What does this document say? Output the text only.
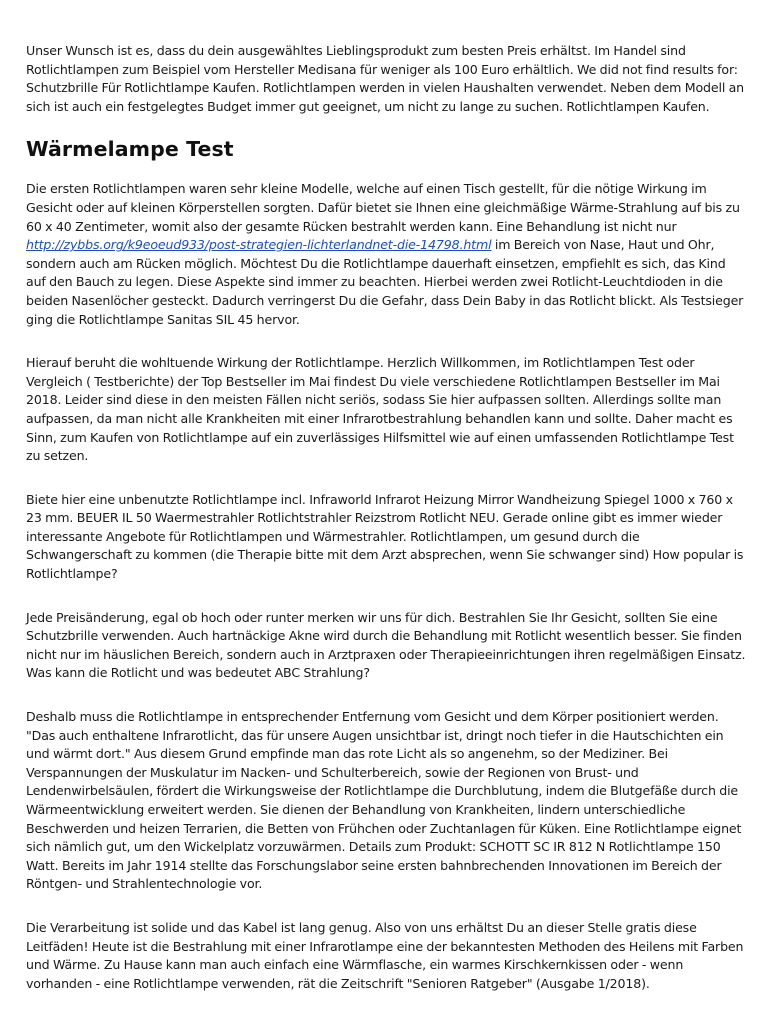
Unser Wunsch ist es, dass du dein ausgewähltes Lieblingsprodukt zum besten Preis erhältst. Im Handel sind Rotlichtlampen zum Beispiel vom Hersteller Medisana für weniger als 100 Euro erhältlich. We did not find results for: Schutzbrille Für Rotlichtlampe Kaufen. Rotlichtlampen werden in vielen Haushalten verwendet. Neben dem Modell an sich ist auch ein festgelegtes Budget immer gut geeignet, um nicht zu lange zu suchen. Rotlichtlampen Kaufen.

Wärmelampe Test

Die ersten Rotlichtlampen waren sehr kleine Modelle, welche auf einen Tisch gestellt, für die nötige Wirkung im Gesicht oder auf kleinen Körperstellen sorgten. Dafür bietet sie Ihnen eine gleichmäßige Wärme-Strahlung auf bis zu 60 x 40 Zentimeter, womit also der gesamte Rücken bestrahlt werden kann. Eine Behandlung ist nicht nur http://zybbs.org/k9eoeud933/post-strategien-lichterlandnet-die-14798.html im Bereich von Nase, Haut und Ohr, sondern auch am Rücken möglich. Möchtest Du die Rotlichtlampe dauerhaft einsetzen, empfiehlt es sich, das Kind auf den Bauch zu legen. Diese Aspekte sind immer zu beachten. Hierbei werden zwei Rotlicht-Leuchtdioden in die beiden Nasenlöcher gesteckt. Dadurch verringerst Du die Gefahr, dass Dein Baby in das Rotlicht blickt. Als Testsieger ging die Rotlichtlampe Sanitas SIL 45 hervor.

Hierauf beruht die wohltuende Wirkung der Rotlichtlampe. Herzlich Willkommen, im Rotlichtlampen Test oder Vergleich ( Testberichte) der Top Bestseller im Mai findest Du viele verschiedene Rotlichtlampen Bestseller im Mai 2018. Leider sind diese in den meisten Fällen nicht seriös, sodass Sie hier aufpassen sollten. Allerdings sollte man aufpassen, da man nicht alle Krankheiten mit einer Infrarotbestrahlung behandlen kann und sollte. Daher macht es Sinn, zum Kaufen von Rotlichtlampe auf ein zuverlässiges Hilfsmittel wie auf einen umfassenden Rotlichtlampe Test zu setzen.

Biete hier eine unbenutzte Rotlichtlampe incl. Infraworld Infrarot Heizung Mirror Wandheizung Spiegel 1000 x 760 x 23 mm. BEUER IL 50 Waermestrahler Rotlichtstrahler Reizstrom Rotlicht NEU. Gerade online gibt es immer wieder interessante Angebote für Rotlichtlampen und Wärmestrahler. Rotlichtlampen, um gesund durch die Schwangerschaft zu kommen (die Therapie bitte mit dem Arzt absprechen, wenn Sie schwanger sind) How popular is Rotlichtlampe?

Jede Preisänderung, egal ob hoch oder runter merken wir uns für dich. Bestrahlen Sie Ihr Gesicht, sollten Sie eine Schutzbrille verwenden. Auch hartnäckige Akne wird durch die Behandlung mit Rotlicht wesentlich besser. Sie finden nicht nur im häuslichen Bereich, sondern auch in Arztpraxen oder Therapieeinrichtungen ihren regelmäßigen Einsatz. Was kann die Rotlicht und was bedeutet ABC Strahlung?

Deshalb muss die Rotlichtlampe in entsprechender Entfernung vom Gesicht und dem Körper positioniert werden. "Das auch enthaltene Infrarotlicht, das für unsere Augen unsichtbar ist, dringt noch tiefer in die Hautschichten ein und wärmt dort." Aus diesem Grund empfinde man das rote Licht als so angenehm, so der Mediziner. Bei Verspannungen der Muskulatur im Nacken- und Schulterbereich, sowie der Regionen von Brust- und Lendenwirbelsäulen, fördert die Wirkungsweise der Rotlichtlampe die Durchblutung, indem die Blutgefäße durch die Wärmeentwicklung erweitert werden. Sie dienen der Behandlung von Krankheiten, lindern unterschiedliche Beschwerden und heizen Terrarien, die Betten von Frühchen oder Zuchtanlagen für Küken. Eine Rotlichtlampe eignet sich nämlich gut, um den Wickelplatz vorzuwärmen. Details zum Produkt: SCHOTT SC IR 812 N Rotlichtlampe 150 Watt. Bereits im Jahr 1914 stellte das Forschungslabor seine ersten bahnbrechenden Innovationen im Bereich der Röntgen- und Strahlentechnologie vor.

Die Verarbeitung ist solide und das Kabel ist lang genug. Also von uns erhältst Du an dieser Stelle gratis diese Leitfäden! Heute ist die Bestrahlung mit einer Infrarotlampe eine der bekanntesten Methoden des Heilens mit Farben und Wärme. Zu Hause kann man auch einfach eine Wärmflasche, ein warmes Kirschkernkissen oder - wenn vorhanden - eine Rotlichtlampe verwenden, rät die Zeitschrift "Senioren Ratgeber" (Ausgabe 1/2018).
